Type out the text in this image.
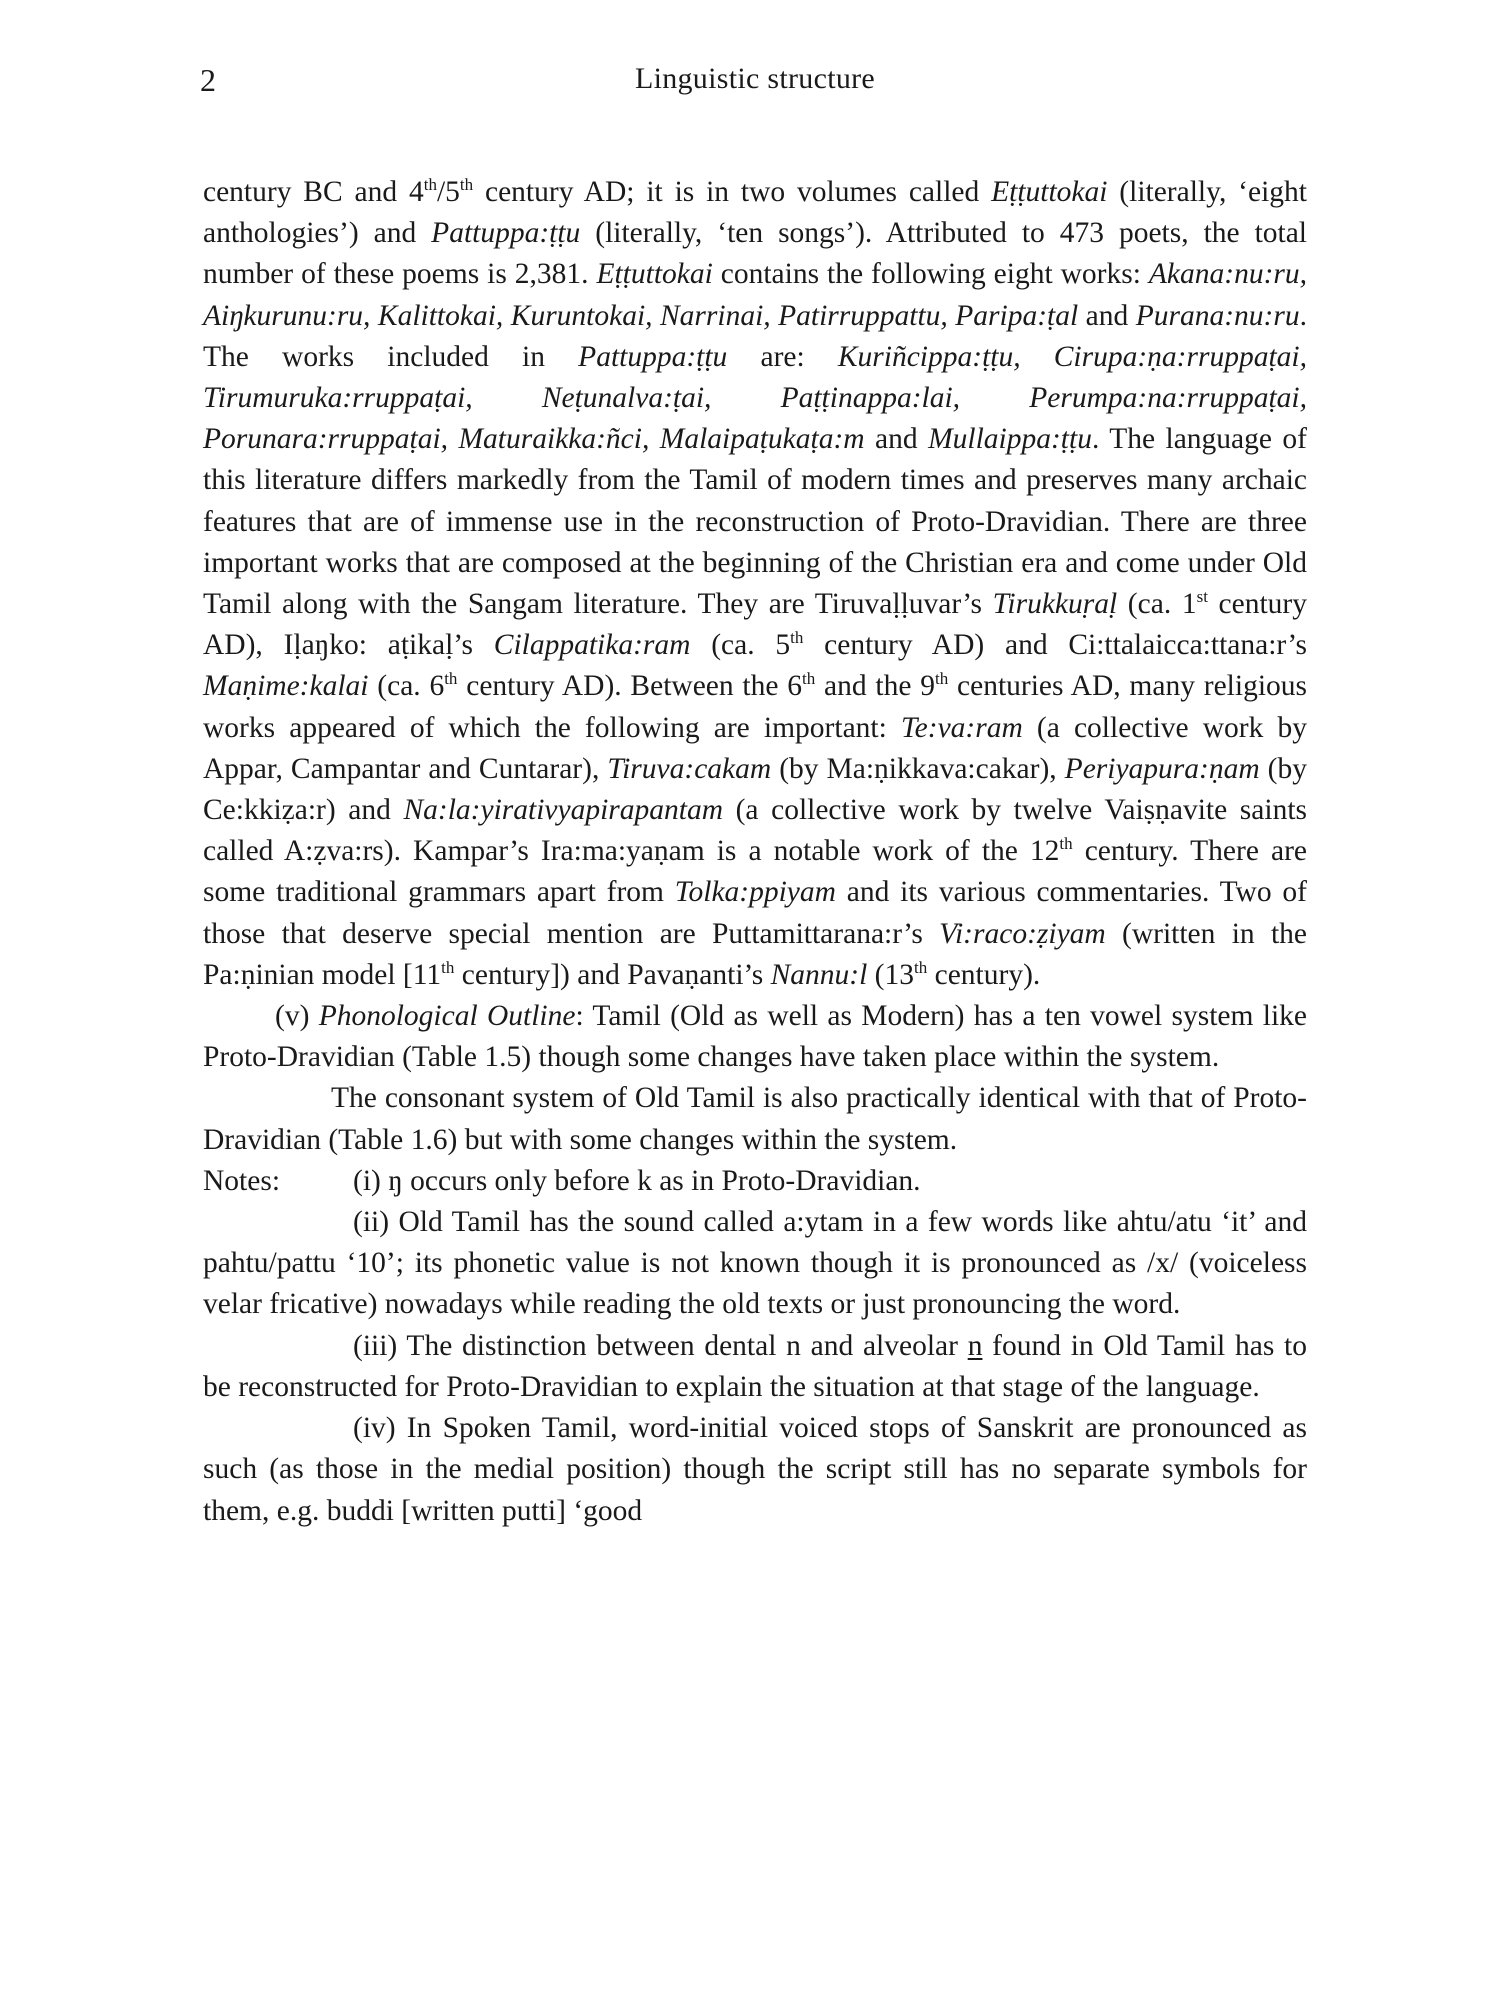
2	Linguistic structure

century BC and 4th/5th century AD; it is in two volumes called Eṭṭuttokai (literally, ‘eight anthologies’) and Pattuppa:ṭṭu (literally, ‘ten songs’). Attributed to 473 poets, the total number of these poems is 2,381. Eṭṭuttokai contains the following eight works: Akana:nu:ru, Aiŋkurunu:ru, Kalittokai, Kuruntokai, Narrinai, Patirruppattu, Paripa:ṭal and Purana:nu:ru. The works included in Pattuppa:ṭṭu are: Kuriñcippa:ṭṭu, Cirupa:ṇa:rruppaṭai, Tirumuruka:rruppaṭai, Neṭunalva:ṭai, Paṭṭinappa:lai, Perumpa:na:rruppaṭai, Porunara:rruppaṭai, Maturaikka:ñci, Malaipaṭukaṭa:m and Mullaippa:ṭṭu. The language of this literature differs markedly from the Tamil of modern times and preserves many archaic features that are of immense use in the reconstruction of Proto-Dravidian. There are three important works that are composed at the beginning of the Christian era and come under Old Tamil along with the Sangam literature. They are Tiruvaḷḷuvar’s Tirukkuṛaḷ (ca. 1st century AD), Iḷaŋko: aṭikaḷ’s Cilappatika:ram (ca. 5th century AD) and Ci:ttalaicca:ttana:r’s Maṇime:kalai (ca. 6th century AD). Between the 6th and the 9th centuries AD, many religious works appeared of which the following are important: Te:va:ram (a collective work by Appar, Campantar and Cuntarar), Tiruva:cakam (by Ma:ṇikkava:cakar), Periyapura:ṇam (by Ce:kkiẓa:r) and Na:la:yirativyapirapantam (a collective work by twelve Vaiṣṇavite saints called A:ẓva:rs). Kampar’s Ira:ma:yaṇam is a notable work of the 12th century. There are some traditional grammars apart from Tolka:ppiyam and its various commentaries. Two of those that deserve special mention are Puttamittarana:r’s Vi:raco:ẓiyam (written in the Pa:ṇinian model [11th century]) and Pavaṇanti’s Nannu:l (13th century).

(v) Phonological Outline: Tamil (Old as well as Modern) has a ten vowel system like Proto-Dravidian (Table 1.5) though some changes have taken place within the system.

The consonant system of Old Tamil is also practically identical with that of Proto-Dravidian (Table 1.6) but with some changes within the system.

Notes:	(i) ŋ occurs only before k as in Proto-Dravidian.

(ii) Old Tamil has the sound called a:ytam in a few words like ahtu/atu ‘it’ and pahtu/pattu ‘10’; its phonetic value is not known though it is pronounced as /x/ (voiceless velar fricative) nowadays while reading the old texts or just pronouncing the word.

(iii) The distinction between dental n and alveolar n found in Old Tamil has to be reconstructed for Proto-Dravidian to explain the situation at that stage of the language.

(iv) In Spoken Tamil, word-initial voiced stops of Sanskrit are pronounced as such (as those in the medial position) though the script still has no separate symbols for them, e.g. buddi [written putti] ‘good
